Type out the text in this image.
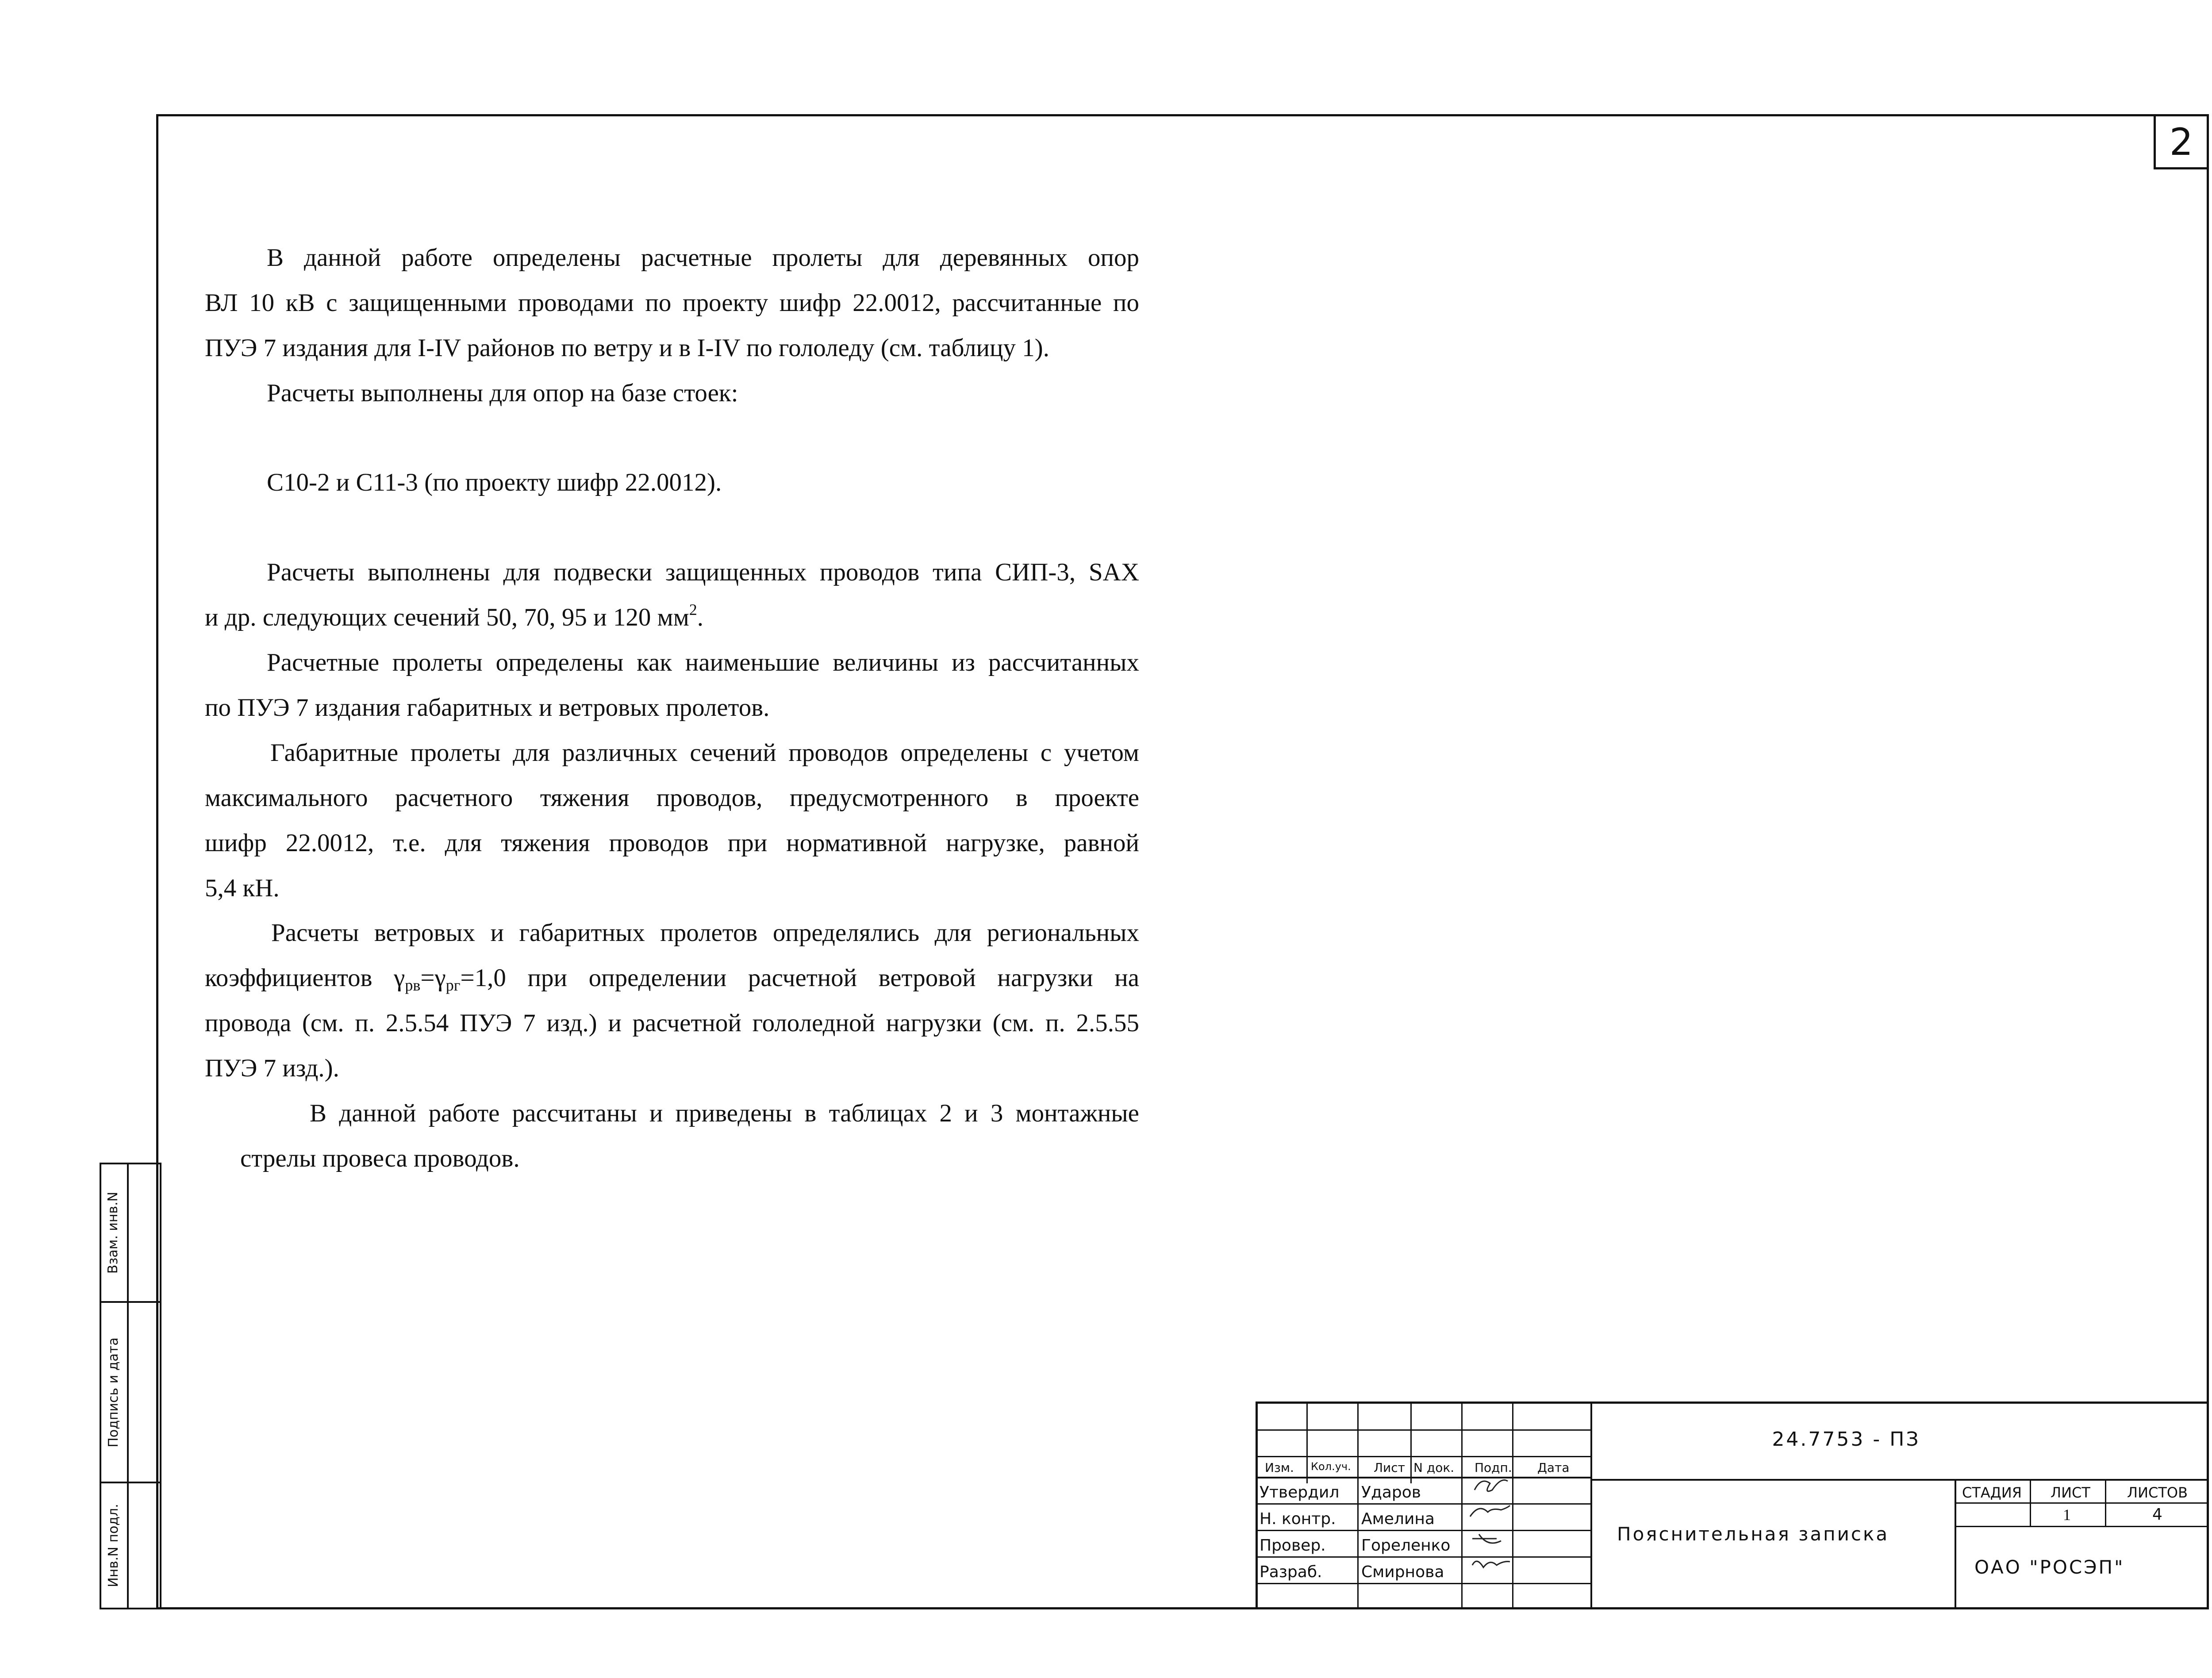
2
В данной работе определены расчетные пролеты для деревянных опор
ВЛ 10 кВ с защищенными проводами по проекту шифр 22.0012, рассчитанные по
ПУЭ 7 издания для I-IV районов по ветру и в I-IV по гололеду (см. таблицу 1).
Расчеты выполнены для опор на базе стоек:
С10-2 и С11-3 (по проекту шифр 22.0012).
Расчеты выполнены для подвески защищенных проводов типа СИП-3, SAX
и др. следующих сечений 50, 70, 95 и 120 $мм^2$.
Расчетные пролеты определены как наименьшие величины из рассчитанных
по ПУЭ 7 издания габаритных и ветровых пролетов.
Габаритные пролеты для различных сечений проводов определены с учетом
максимального расчетного тяжения проводов, предусмотренного в проекте
шифр 22.0012, т.е. для тяжения проводов при нормативной нагрузке, равной
5,4 кН.
Расчеты ветровых и габаритных пролетов определялись для региональных
коэффициентов $\gamma_{рв}=\gamma_{рг}=1,0$ при определении расчетной ветровой нагрузки на
провода (см. п. 2.5.54 ПУЭ 7 изд.) и расчетной гололедной нагрузки (см. п. 2.5.55
ПУЭ 7 изд.).
В данной работе рассчитаны и приведены в таблицах 2 и 3 монтажные
стрелы провеса проводов.
Взам. инв.N
Подпись и дата
Инв.N подл.
Изм. Кол.уч. Лист N док. Подп. Дата
Утвердил
Н. контр.
Провер.
Разраб.
Ударов
Амелина
Гореленко
Смирнова
24.7753 - ПЗ
Пояснительная записка
СТАДИЯ ЛИСТ	ЛИСТОВ
1	4
ОАО "РОСЭП"
